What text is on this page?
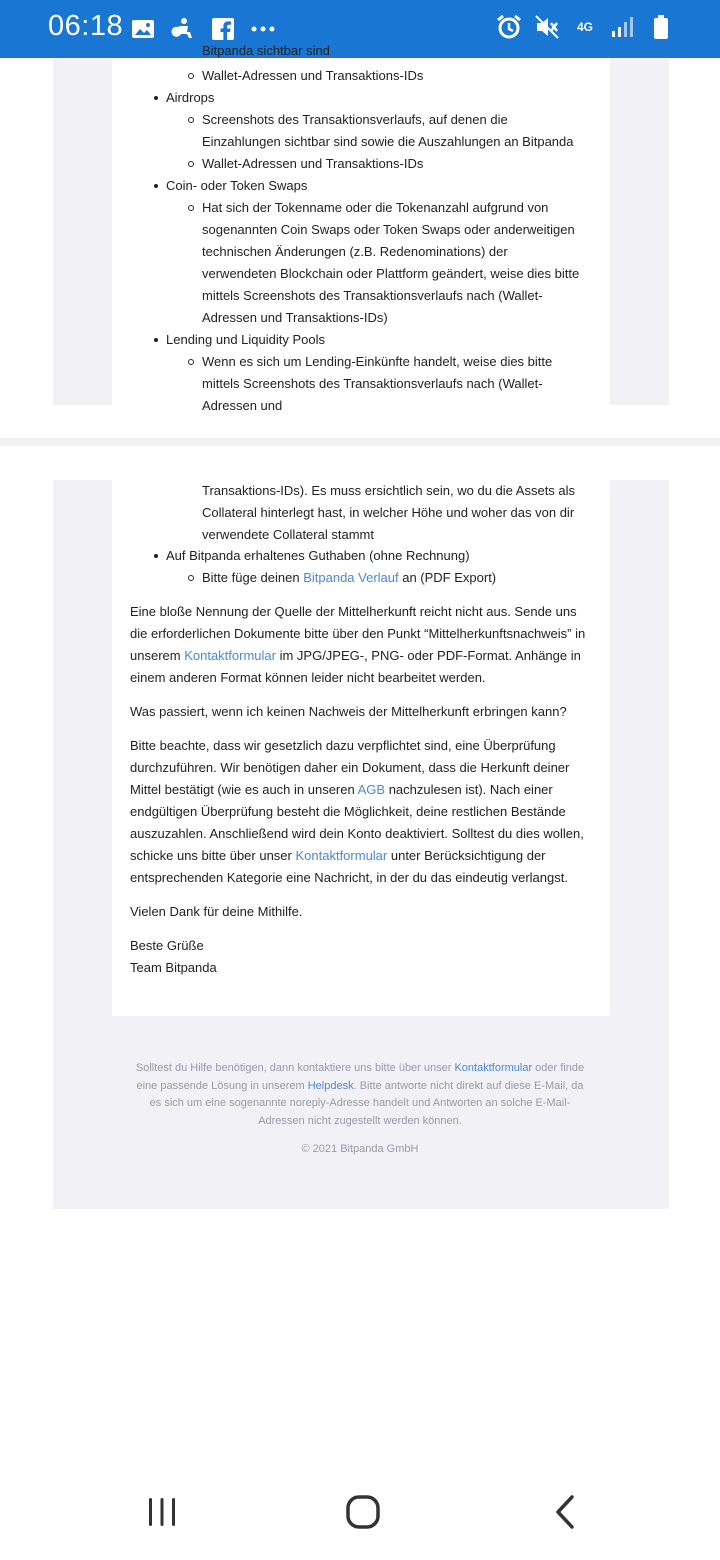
06:18	4G
Bitpanda sichtbar sind
Wallet-Adressen und Transaktions-IDs
Airdrops
Screenshots des Transaktionsverlaufs, auf denen die Einzahlungen sichtbar sind sowie die Auszahlungen an Bitpanda
Wallet-Adressen und Transaktions-IDs
Coin- oder Token Swaps
Hat sich der Tokenname oder die Tokenanzahl aufgrund von sogenannten Coin Swaps oder Token Swaps oder anderweitigen technischen Änderungen (z.B. Redenominations) der verwendeten Blockchain oder Plattform geändert, weise dies bitte mittels Screenshots des Transaktionsverlaufs nach (Wallet-Adressen und Transaktions-IDs)
Lending und Liquidity Pools
Wenn es sich um Lending-Einkünfte handelt, weise dies bitte mittels Screenshots des Transaktionsverlaufs nach (Wallet-Adressen und
Transaktions-IDs). Es muss ersichtlich sein, wo du die Assets als Collateral hinterlegt hast, in welcher Höhe und woher das von dir verwendete Collateral stammt
Auf Bitpanda erhaltenes Guthaben (ohne Rechnung)
Bitte füge deinen Bitpanda Verlauf an (PDF Export)
Eine bloße Nennung der Quelle der Mittelherkunft reicht nicht aus. Sende uns die erforderlichen Dokumente bitte über den Punkt “Mittelherkunftsnachweis” in unserem Kontaktformular im JPG/JPEG-, PNG- oder PDF-Format. Anhänge in einem anderen Format können leider nicht bearbeitet werden.
Was passiert, wenn ich keinen Nachweis der Mittelherkunft erbringen kann?
Bitte beachte, dass wir gesetzlich dazu verpflichtet sind, eine Überprüfung durchzuführen. Wir benötigen daher ein Dokument, dass die Herkunft deiner Mittel bestätigt (wie es auch in unseren AGB nachzulesen ist). Nach einer endgültigen Überprüfung besteht die Möglichkeit, deine restlichen Bestände auszuzahlen. Anschließend wird dein Konto deaktiviert. Solltest du dies wollen, schicke uns bitte über unser Kontaktformular unter Berücksichtigung der entsprechenden Kategorie eine Nachricht, in der du das eindeutig verlangst.
Vielen Dank für deine Mithilfe.
Beste Grüße
Team Bitpanda
Solltest du Hilfe benötigen, dann kontaktiere uns bitte über unser Kontaktformular oder finde eine passende Lösung in unserem Helpdesk. Bitte antworte nicht direkt auf diese E-Mail, da es sich um eine sogenannte noreply-Adresse handelt und Antworten an solche E-Mail-Adressen nicht zugestellt werden können.
© 2021 Bitpanda GmbH
